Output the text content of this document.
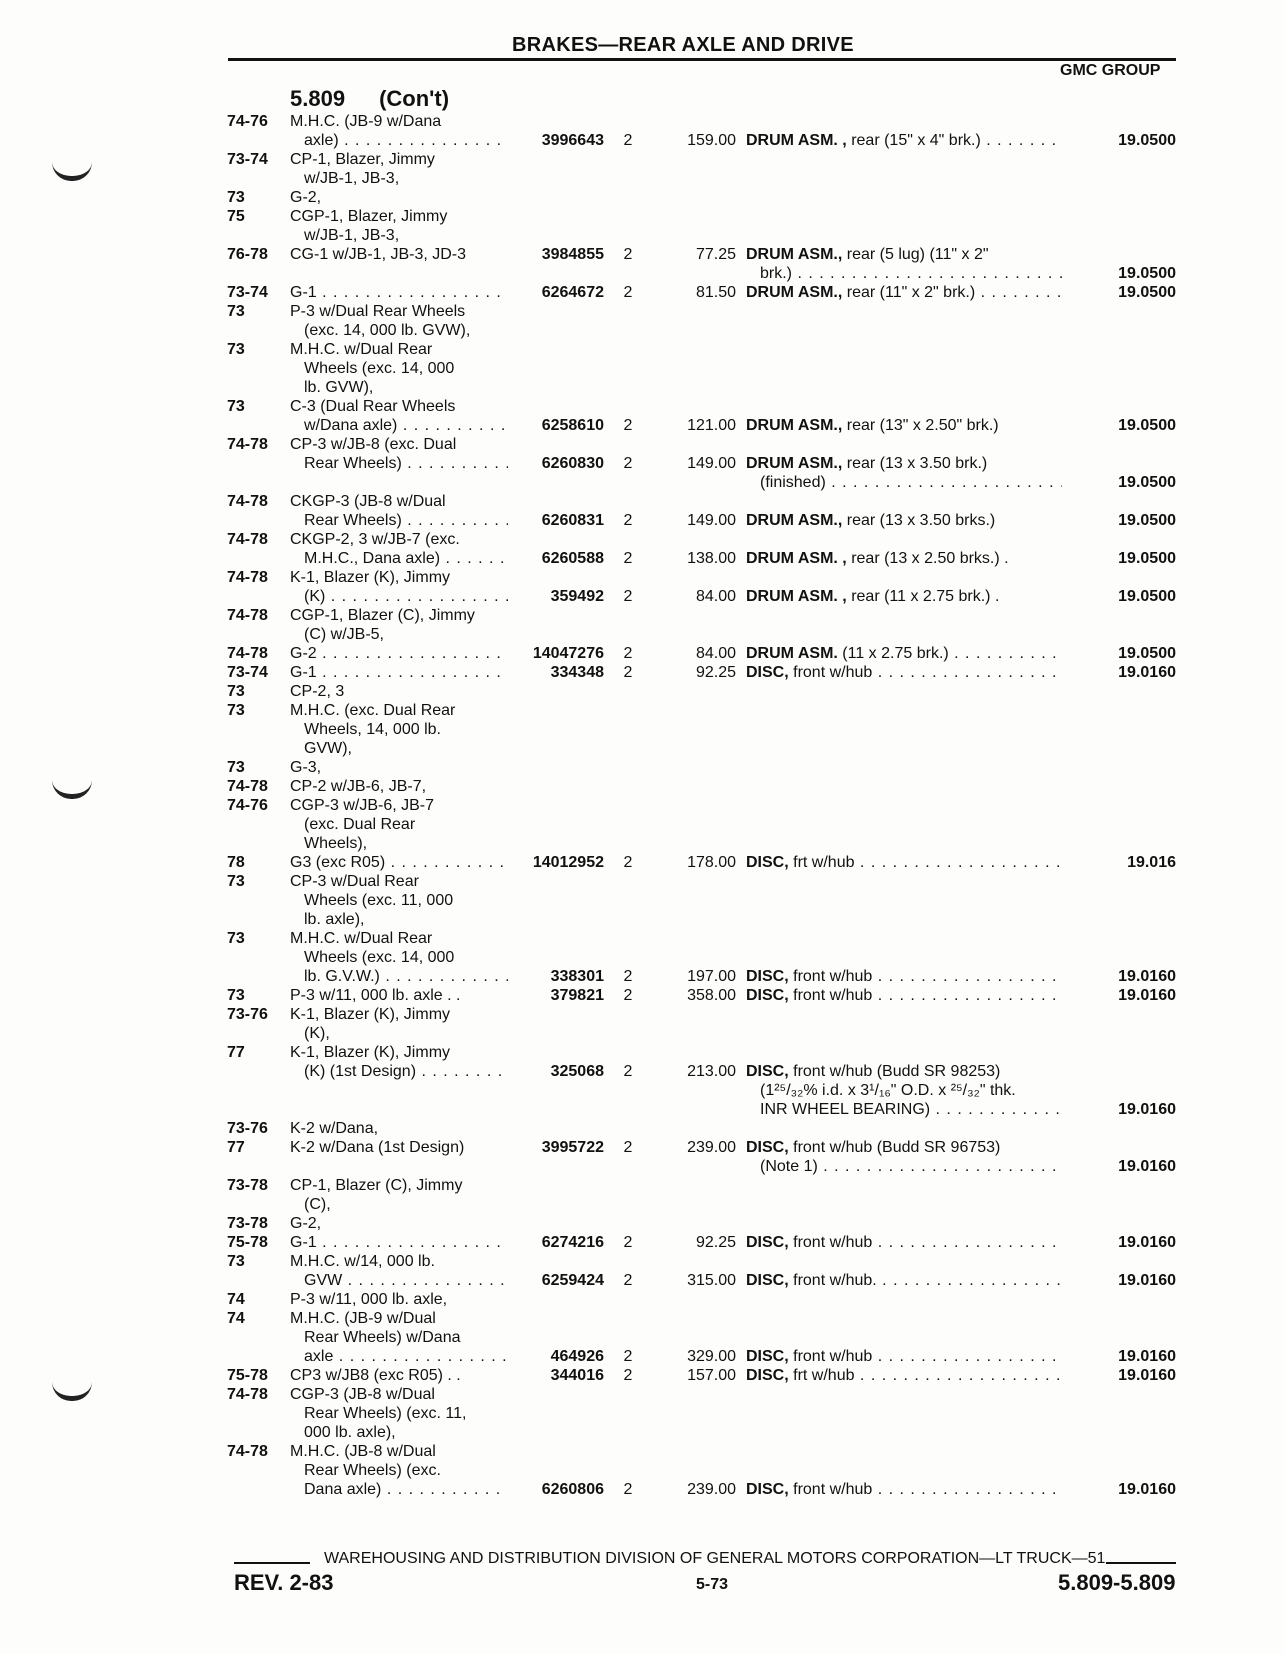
BRAKES—REAR AXLE AND DRIVE
GMC GROUP
5.809 (Con't)
74-76	M.H.C. (JB-9 w/Dana
axle) . . .	3996643	2	159.00 DRUM ASM. , rear (15" x 4" brk.) . . .	19.0500
73-74	CP-1, Blazer, Jimmy
w/JB-1, JB-3,
73	G-2,
75	CGP-1, Blazer, Jimmy
w/JB-1, JB-3,
76-78	CG-1 w/JB-1, JB-3, JD-3	3984855	2	77.25 DRUM ASM., rear (5 lug) (11" x 2"
brk.) . . .	19.0500
73-74	G-1 . . .	6264672	2	81.50 DRUM ASM., rear (11" x 2" brk.) . . .	19.0500
73	P-3 w/Dual Rear Wheels
(exc. 14, 000 lb. GVW),
73	M.H.C. w/Dual Rear
Wheels (exc. 14, 000
lb. GVW),
73	C-3 (Dual Rear Wheels
w/Dana axle) . . .	6258610	2	121.00 DRUM ASM., rear (13" x 2.50" brk.)	19.0500
74-78	CP-3 w/JB-8 (exc. Dual
Rear Wheels) . . .	6260830	2	149.00 DRUM ASM., rear (13 x 3.50 brk.)
(finished) . . .	19.0500
74-78	CKGP-3 (JB-8 w/Dual
Rear Wheels) . . .	6260831	2	149.00 DRUM ASM., rear (13 x 3.50 brks.)	19.0500
74-78	CKGP-2, 3 w/JB-7 (exc.
M.H.C., Dana axle) . . .	6260588	2	138.00 DRUM ASM. , rear (13 x 2.50 brks.) .	19.0500
74-78	K-1, Blazer (K), Jimmy
(K) . . .	359492	2	84.00 DRUM ASM. , rear (11 x 2.75 brk.) .	19.0500
74-78	CGP-1, Blazer (C), Jimmy
(C) w/JB-5,
74-78	G-2 . . .	14047276	2	84.00 DRUM ASM. (11 x 2.75 brk.) . . .	19.0500
73-74	G-1 . . .	334348	2	92.25 DISC, front w/hub . . .	19.0160
73	CP-2, 3
73	M.H.C. (exc. Dual Rear
Wheels, 14, 000 lb.
GVW),
73	G-3,
74-78	CP-2 w/JB-6, JB-7,
74-76	CGP-3 w/JB-6, JB-7
(exc. Dual Rear
Wheels),
78	G3 (exc R05) . . .	14012952	2	178.00 DISC, frt w/hub . . .	19.016
73	CP-3 w/Dual Rear
Wheels (exc. 11, 000
lb. axle),
73	M.H.C. w/Dual Rear
Wheels (exc. 14, 000
lb. G.V.W.) . . .	338301	2	197.00 DISC, front w/hub . . .	19.0160
73	P-3 w/11, 000 lb. axle . .	379821	2	358.00 DISC, front w/hub . . .	19.0160
73-76	K-1, Blazer (K), Jimmy
(K),
77	K-1, Blazer (K), Jimmy
(K) (1st Design) . . .	325068	2	213.00 DISC, front w/hub (Budd SR 98253)
(1²⁵/₃₂% i.d. x 3¹/₁₆" O.D. x ²⁵/₃₂" thk.
INR WHEEL BEARING) . . .	19.0160
73-76	K-2 w/Dana,
77	K-2 w/Dana (1st Design)	3995722	2	239.00 DISC, front w/hub (Budd SR 96753)
(Note 1) . . .	19.0160
73-78	CP-1, Blazer (C), Jimmy
(C),
73-78	G-2,
75-78	G-1 . . .	6274216	2	92.25 DISC, front w/hub . . .	19.0160
73	M.H.C. w/14, 000 lb.
GVW . . .	6259424	2	315.00 DISC, front w/hub. . . .	19.0160
74	P-3 w/11, 000 lb. axle,
74	M.H.C. (JB-9 w/Dual
Rear Wheels) w/Dana
axle . . .	464926	2	329.00 DISC, front w/hub . . .	19.0160
75-78	CP3 w/JB8 (exc R05) . .	344016	2	157.00 DISC, frt w/hub . . .	19.0160
74-78	CGP-3 (JB-8 w/Dual
Rear Wheels) (exc. 11,
000 lb. axle),
74-78	M.H.C. (JB-8 w/Dual
Rear Wheels) (exc.
Dana axle) . . .	6260806	2	239.00 DISC, front w/hub . . .	19.0160
WAREHOUSING AND DISTRIBUTION DIVISION OF GENERAL MOTORS CORPORATION—LT TRUCK—51
REV. 2-83	5-73	5.809-5.809
